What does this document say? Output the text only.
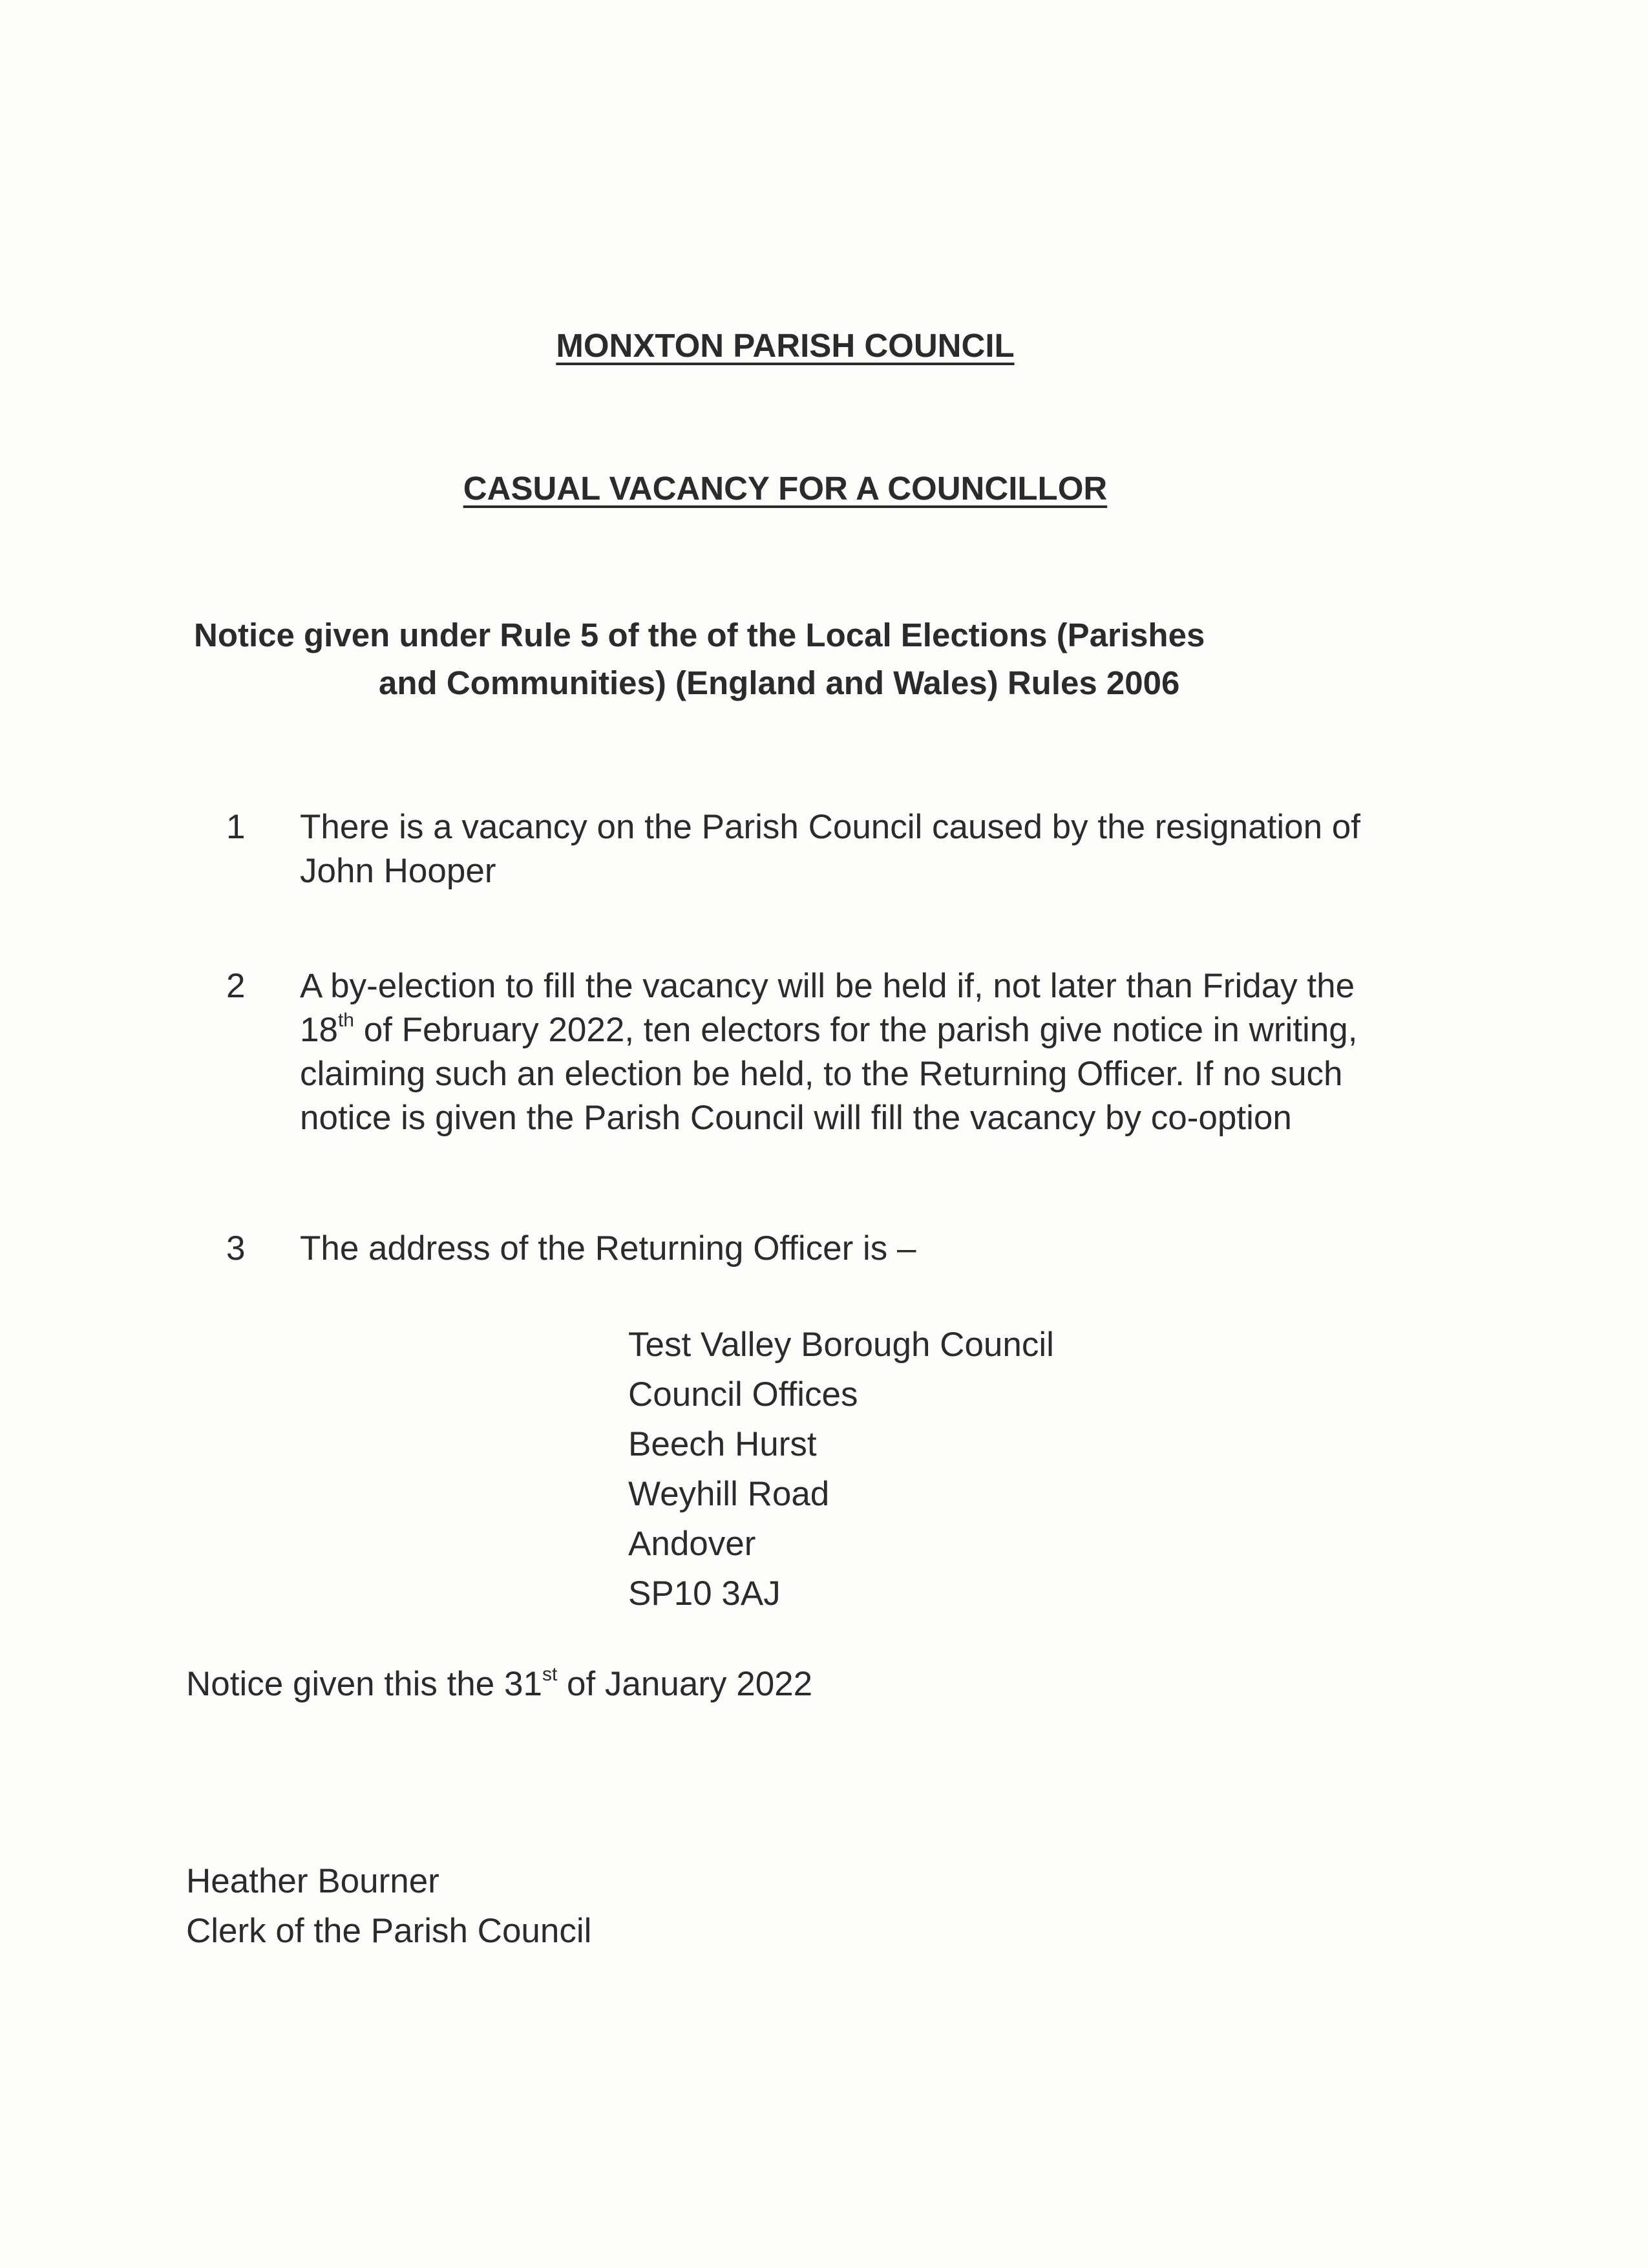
MONXTON PARISH COUNCIL
CASUAL VACANCY FOR A COUNCILLOR

Notice given under Rule 5 of the of the Local Elections (Parishes
and Communities) (England and Wales) Rules 2006

1	There is a vacancy on the Parish Council caused by the resignation of John Hooper
2	A by-election to fill the vacancy will be held if, not later than Friday the 18th of February 2022, ten electors for the parish give notice in writing, claiming such an election be held, to the Returning Officer. If no such notice is given the Parish Council will fill the vacancy by co-option
3	The address of the Returning Officer is –
Test Valley Borough Council
Council Offices
Beech Hurst
Weyhill Road
Andover
SP10 3AJ

Notice given this the 31st of January 2022

Heather Bourner
Clerk of the Parish Council
